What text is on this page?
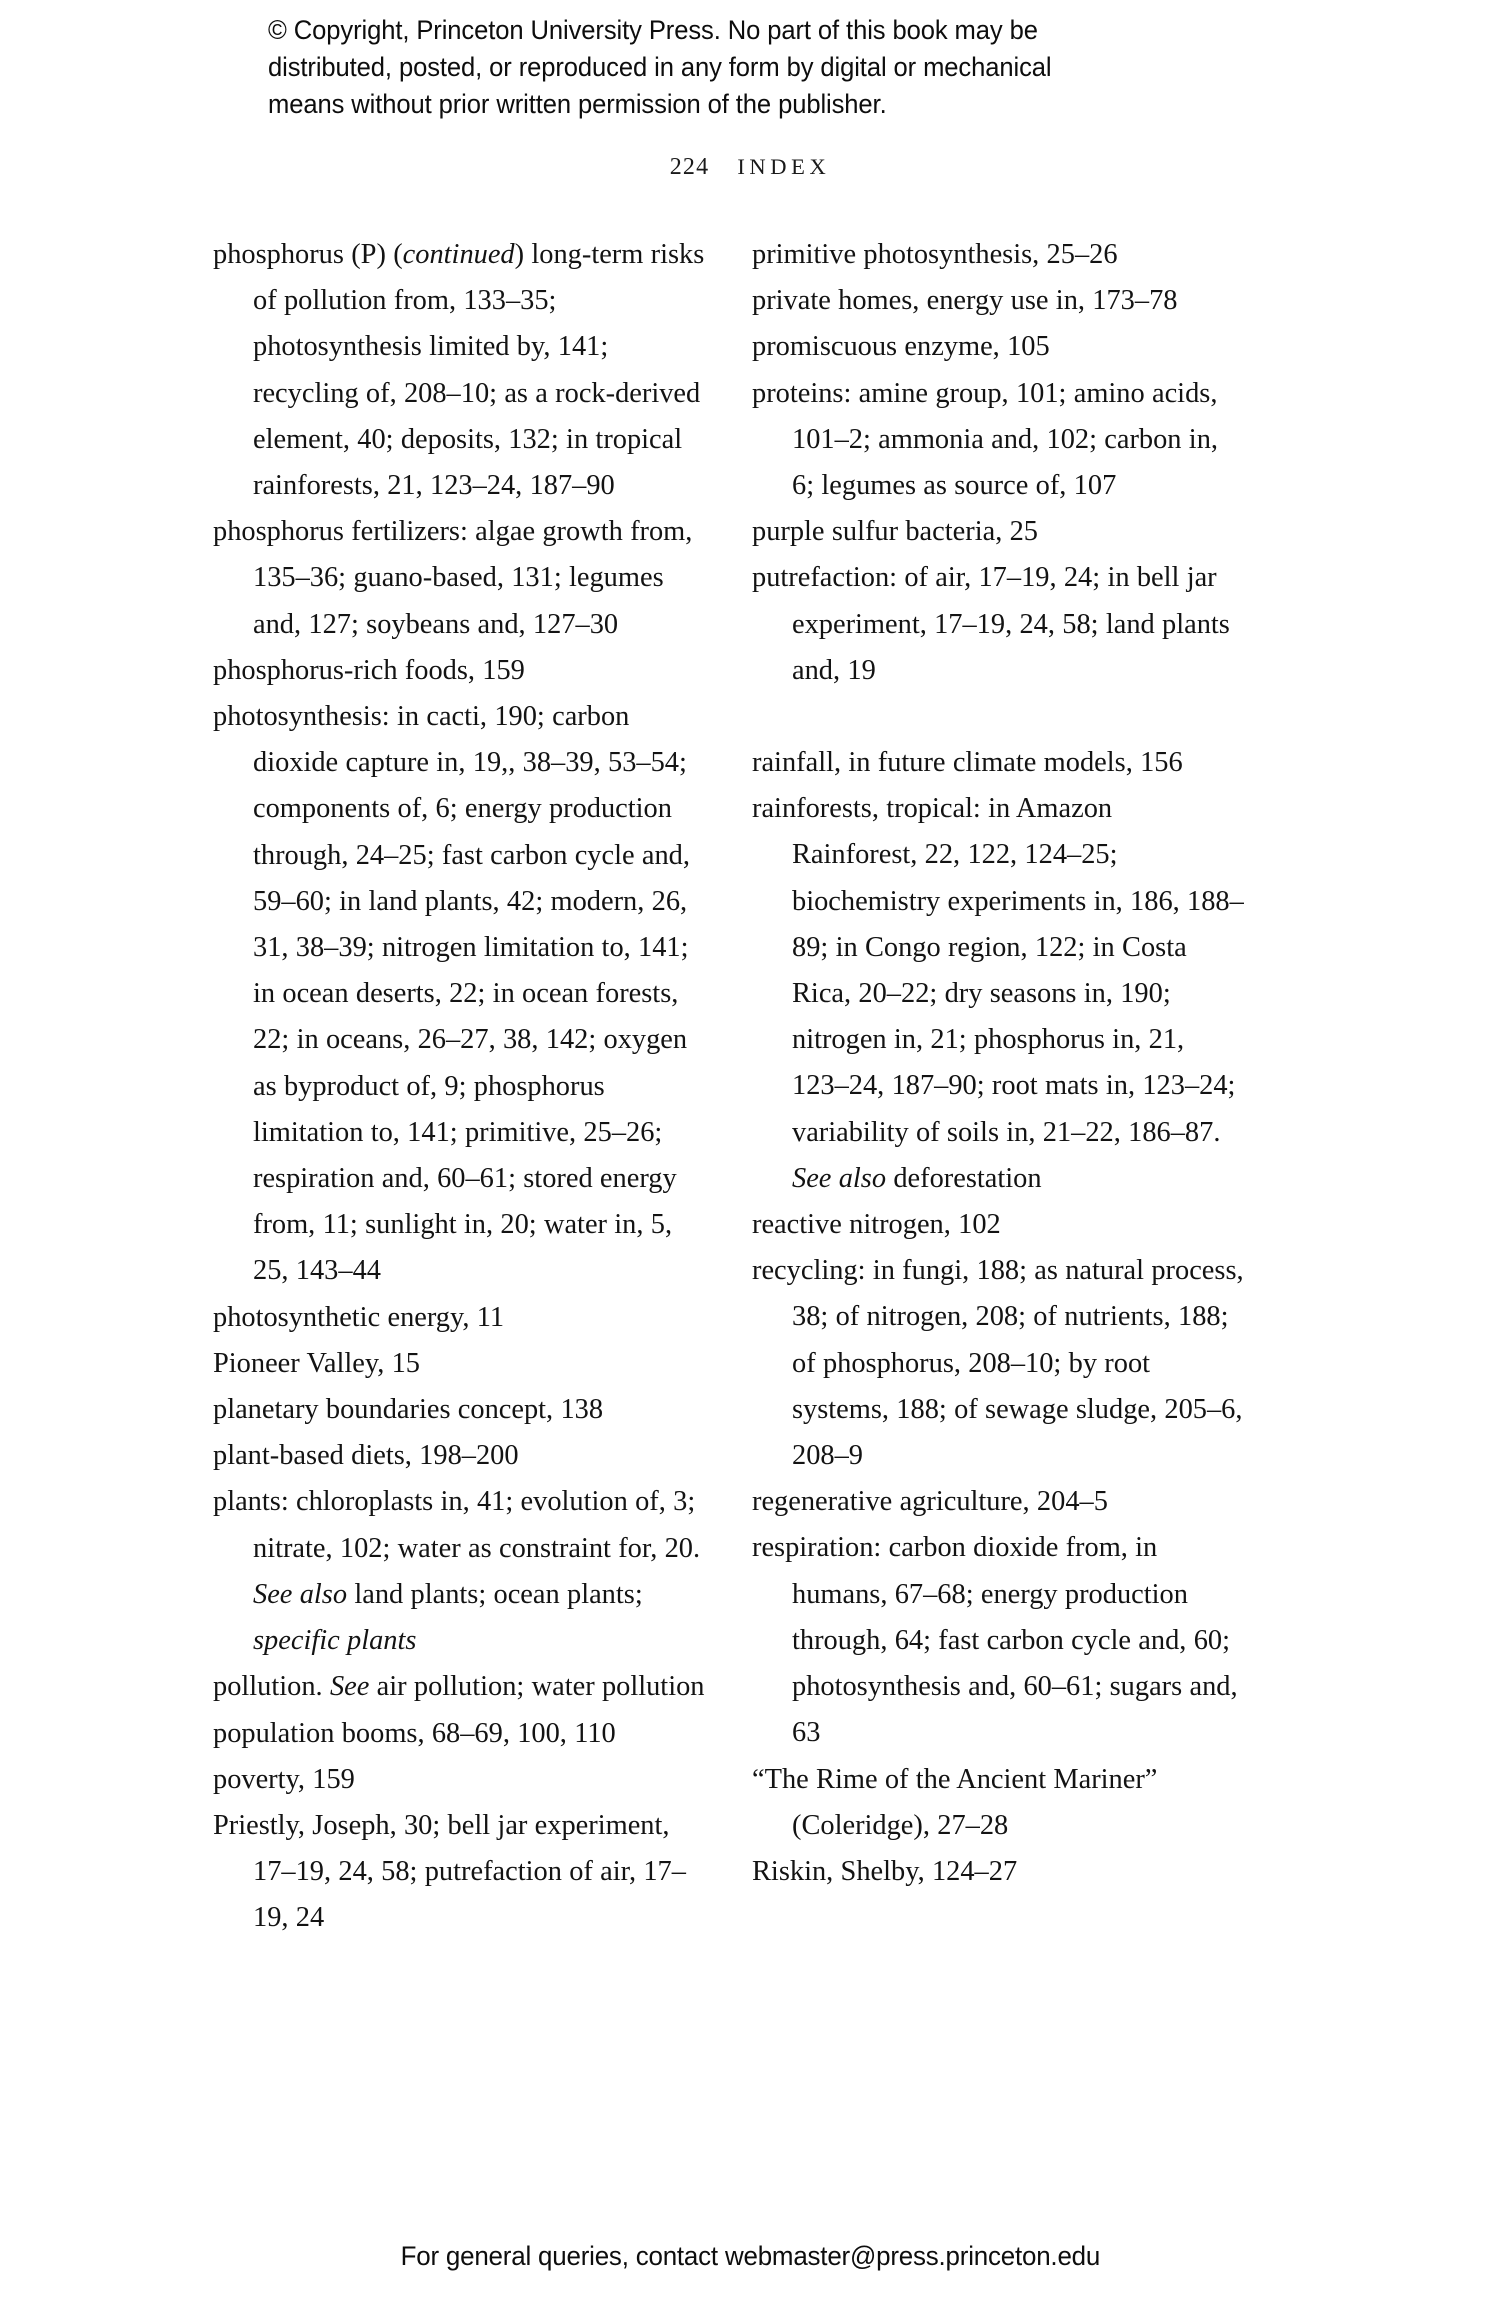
© Copyright, Princeton University Press. No part of this book may be
distributed, posted, or reproduced in any form by digital or mechanical
means without prior written permission of the publisher.
224 INDEX

phosphorus (P) (continued) long-term risks of pollution from, 133–35; photosynthesis limited by, 141; recycling of, 208–10; as a rock-derived element, 40; deposits, 132; in tropical rainforests, 21, 123–24, 187–90

phosphorus fertilizers: algae growth from, 135–36; guano-based, 131; legumes and, 127; soybeans and, 127–30

phosphorus-rich foods, 159

photosynthesis: in cacti, 190; carbon dioxide capture in, 19,, 38–39, 53–54; components of, 6; energy production through, 24–25; fast carbon cycle and, 59–60; in land plants, 42; modern, 26, 31, 38–39; nitrogen limitation to, 141; in ocean deserts, 22; in ocean forests, 22; in oceans, 26–27, 38, 142; oxygen as byproduct of, 9; phosphorus limitation to, 141; primitive, 25–26; respiration and, 60–61; stored energy from, 11; sunlight in, 20; water in, 5, 25, 143–44

photosynthetic energy, 11

Pioneer Valley, 15

planetary boundaries concept, 138

plant-based diets, 198–200

plants: chloroplasts in, 41; evolution of, 3; nitrate, 102; water as constraint for, 20. See also land plants; ocean plants; specific plants

pollution. See air pollution; water pollution

population booms, 68–69, 100, 110

poverty, 159

Priestly, Joseph, 30; bell jar experiment, 17–19, 24, 58; putrefaction of air, 17–19, 24

primitive photosynthesis, 25–26

private homes, energy use in, 173–78

promiscuous enzyme, 105

proteins: amine group, 101; amino acids, 101–2; ammonia and, 102; carbon in, 6; legumes as source of, 107

purple sulfur bacteria, 25

putrefaction: of air, 17–19, 24; in bell jar experiment, 17–19, 24, 58; land plants and, 19

rainfall, in future climate models, 156

rainforests, tropical: in Amazon Rainforest, 22, 122, 124–25; biochemistry experiments in, 186, 188–89; in Congo region, 122; in Costa Rica, 20–22; dry seasons in, 190; nitrogen in, 21; phosphorus in, 21, 123–24, 187–90; root mats in, 123–24; variability of soils in, 21–22, 186–87. See also deforestation

reactive nitrogen, 102

recycling: in fungi, 188; as natural process, 38; of nitrogen, 208; of nutrients, 188; of phosphorus, 208–10; by root systems, 188; of sewage sludge, 205–6, 208–9

regenerative agriculture, 204–5

respiration: carbon dioxide from, in humans, 67–68; energy production through, 64; fast carbon cycle and, 60; photosynthesis and, 60–61; sugars and, 63

“The Rime of the Ancient Mariner” (Coleridge), 27–28

Riskin, Shelby, 124–27

For general queries, contact webmaster@press.princeton.edu
